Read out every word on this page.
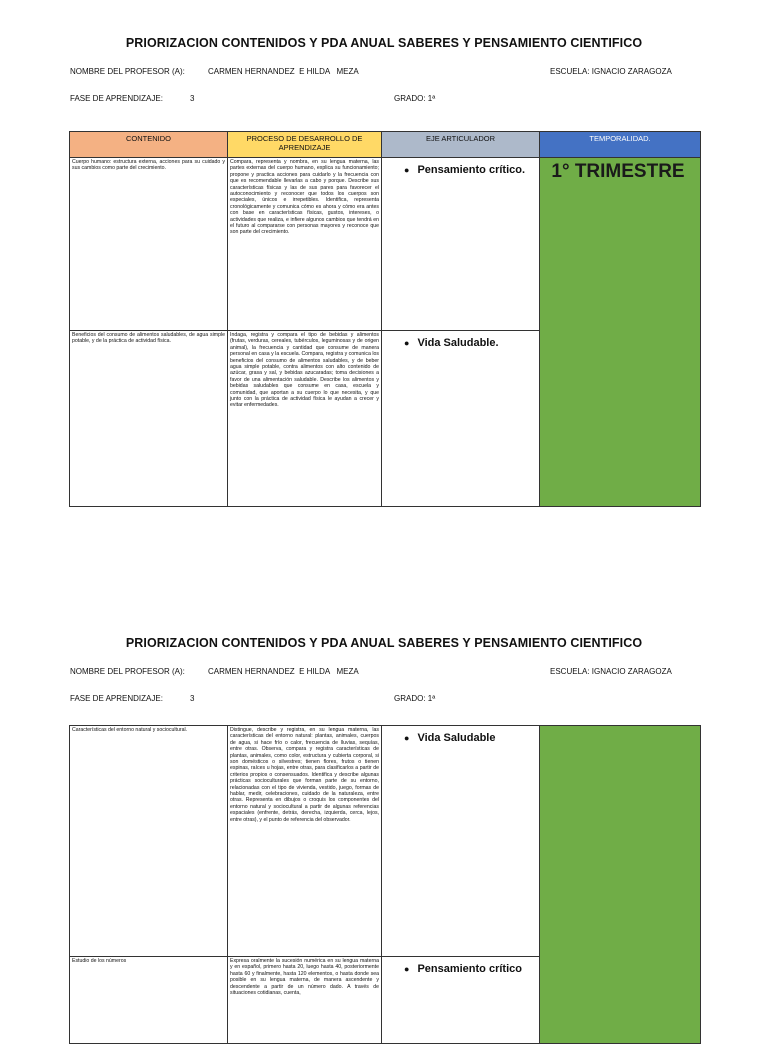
PRIORIZACION CONTENIDOS Y PDA ANUAL SABERES Y PENSAMIENTO CIENTIFICO
NOMBRE DEL PROFESOR (A):	CARMEN HERNANDEZ  E HILDA   MEZA	ESCUELA: IGNACIO ZARAGOZA
FASE DE APRENDIZAJE:	3	GRADO: 1ª
CONTENIDO	PROCESO DE DESARROLLO DE APRENDIZAJE	EJE ARTICULADOR	TEMPORALIDAD.

Cuerpo humano: estructura externa, acciones para su cuidado y sus cambios como parte del crecimiento.	Compara, representa y nombra, en su lengua materna, las partes externas del cuerpo humano, explica su funcionamiento; propone y practica acciones para cuidarlo y la frecuencia con que es recomendable llevarlas a cabo y porque. Describe sus características físicas y las de sus pares para favorecer el autoconocimiento y reconocer que todos los cuerpos son especiales, únicos e irrepetibles. Identifica, representa cronológicamente y comunica cómo es ahora y cómo era antes con base en características físicas, gustos, intereses, o actividades que realiza, e infiere algunos cambios que tendrá en el futuro al compararse con personas mayores y reconoce que son parte del crecimiento.	● Pensamiento crítico.	1° TRIMESTRE

Beneficios del consumo de alimentos saludables, de agua simple potable, y de la práctica de actividad física.	Indaga, registra y compara el tipo de bebidas y alimentos (frutas, verduras, cereales, tubérculos, leguminosas y de origen animal), la frecuencia y cantidad que consume de manera personal en casa y la escuela. Compara, registra y comunica los beneficios del consumo de alimentos saludables, y de beber agua simple potable, contra alimentos con alto contenido de azúcar, grasa y sal, y bebidas azucaradas; toma decisiones a favor de una alimentación saludable. Describe los alimentos y bebidas saludables que consume en casa, escuela y comunidad, que aportan a su cuerpo lo que necesita, y que junto con la práctica de actividad física le ayudan a crecer y evitar enfermedades.	● Vida Saludable.	
PRIORIZACION CONTENIDOS Y PDA ANUAL SABERES Y PENSAMIENTO CIENTIFICO
NOMBRE DEL PROFESOR (A):	CARMEN HERNANDEZ  E HILDA   MEZA	ESCUELA: IGNACIO ZARAGOZA
FASE DE APRENDIZAJE:	3	GRADO: 1ª
Características del entorno natural y sociocultural.	Distingue, describe y registra, en su lengua materna, las características del entorno natural: plantas, animales, cuerpos de agua, si hace frío o calor, frecuencia de lluvias, sequías, entre otras. Observa, compara y registra características de plantas, animales, como color, estructura y cubierta corporal, si son domésticos o silvestres; tienen flores, frutos o tienen espinas, raíces u hojas, entre otras, para clasificarlos a partir de criterios propios o consensuados. Identifica y describe algunas prácticas socioculturales que forman parte de su entorno, relacionadas con el tipo de vivienda, vestido, juego, formas de hablar, medir, celebraciones, cuidado de la naturaleza, entre otras. Representa en dibujos o croquis los componentes del entorno natural y sociocultural a partir de algunas referencias espaciales (enfrente, detrás, derecha, izquierda, cerca, lejos, entre otras), y el punto de referencia del observador.	● Vida Saludable	

Estudio de los números	Expresa oralmente la sucesión numérica en su lengua materna y en español, primero hasta 20, luego hasta 40, posteriormente hasta 60 y finalmente, hasta 120 elementos, o hasta donde sea posible en su lengua materna, de manera ascendente y descendente a partir de un número dado. A través de situaciones cotidianas, cuenta,	● Pensamiento crítico	
